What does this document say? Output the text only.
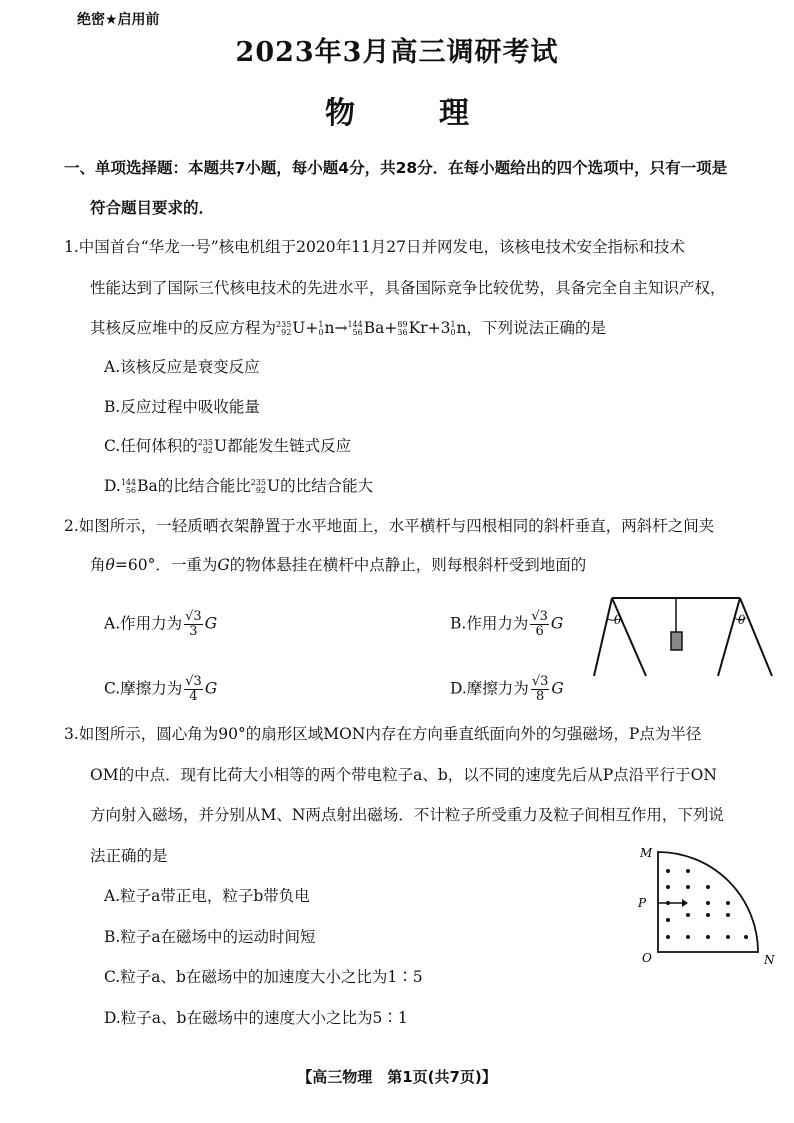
绝密★启用前
2023年3月高三调研考试
物	理
一、单项选择题：本题共7小题，每小题4分，共28分．在每小题给出的四个选项中，只有一项是
符合题目要求的．
1.中国首台“华龙一号”核电机组于2020年11月27日并网发电，该核电技术安全指标和技术
性能达到了国际三代核电技术的先进水平，具备国际竞争比较优势，具备完全自主知识产权，
其核反应堆中的反应方程为 235
92 U+ 1
0 n→ 144
56 Ba+ 89
36 Kr+3 1
0 n，下列说法正确的是
A.该核反应是衰变反应
B.反应过程中吸收能量
C.任何体积的 235
92 U都能发生链式反应
D. 144
56 Ba的比结合能比 235
92 U的比结合能大
2.如图所示，一轻质晒衣架静置于水平地面上，水平横杆与四根相同的斜杆垂直，两斜杆之间夹
角θ=60°．一重为G的物体悬挂在横杆中点静止，则每根斜杆受到地面的
A.作用力为 $\frac{√3}{3}$ G	B.作用力为 $\frac{√3}{6}$ G
C.摩擦力为 $\frac{√3}{4}$ G	D.摩擦力为 $\frac{√3}{8}$ G
θ	θ
3.如图所示，圆心角为90°的扇形区域MON内存在方向垂直纸面向外的匀强磁场，P点为半径
OM的中点．现有比荷大小相等的两个带电粒子a、b，以不同的速度先后从P点沿平行于ON
方向射入磁场，并分别从M、N两点射出磁场．不计粒子所受重力及粒子间相互作用，下列说
法正确的是
A.粒子a带正电，粒子b带负电
B.粒子a在磁场中的运动时间短
C.粒子a、b在磁场中的加速度大小之比为1∶5
D.粒子a、b在磁场中的速度大小之比为5∶1
M
P
O	N
【高三物理　第1页(共7页)】
